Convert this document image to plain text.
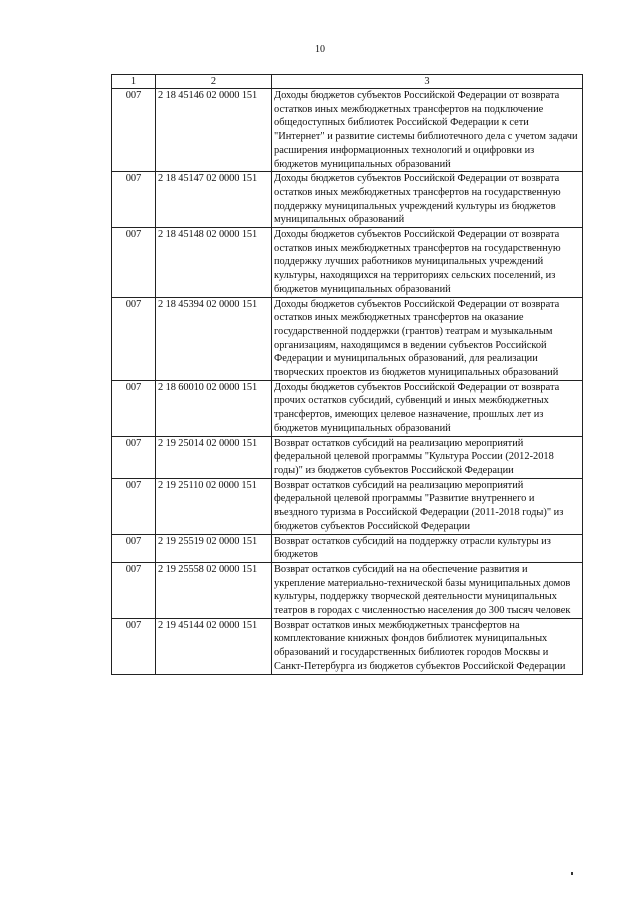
10
1	2	3
007	2 18 45146 02 0000 151	Доходы бюджетов субъектов Российской Федерации от возврата остатков иных межбюджетных трансфертов на подключение общедоступных библиотек Российской Федерации к сети "Интернет" и развитие системы библиотечного дела с учетом задачи расширения информационных технологий и оцифровки из бюджетов муниципальных образований
007	2 18 45147 02 0000 151	Доходы бюджетов субъектов Российской Федерации от возврата остатков иных межбюджетных трансфертов на государственную поддержку муниципальных учреждений культуры из бюджетов муниципальных образований
007	2 18 45148 02 0000 151	Доходы бюджетов субъектов Российской Федерации от возврата остатков иных межбюджетных трансфертов на государственную поддержку лучших работников муниципальных учреждений культуры, находящихся на территориях сельских поселений, из бюджетов муниципальных образований
007	2 18 45394 02 0000 151	Доходы бюджетов субъектов Российской Федерации от возврата остатков иных межбюджетных трансфертов на оказание государственной поддержки (грантов) театрам и музыкальным организациям, находящимся в ведении субъектов Российской Федерации и муниципальных образований, для реализации творческих проектов из бюджетов муниципальных образований
007	2 18 60010 02 0000 151	Доходы бюджетов субъектов Российской Федерации от возврата прочих остатков субсидий, субвенций и иных межбюджетных трансфертов, имеющих целевое назначение, прошлых лет из бюджетов муниципальных образований
007	2 19 25014 02 0000 151	Возврат остатков субсидий на реализацию мероприятий федеральной целевой программы "Культура России (2012-2018 годы)" из бюджетов субъектов Российской Федерации
007	2 19 25110 02 0000 151	Возврат остатков субсидий на реализацию мероприятий федеральной целевой программы "Развитие внутреннего и въездного туризма в Российской Федерации (2011-2018 годы)" из бюджетов субъектов Российской Федерации
007	2 19 25519 02 0000 151	Возврат остатков субсидий на поддержку отрасли культуры из бюджетов
007	2 19 25558 02 0000 151	Возврат остатков субсидий на на обеспечение развития и укрепление материально-технической базы муниципальных домов культуры, поддержку творческой деятельности муниципальных театров в городах с численностью населения до 300 тысяч человек
007	2 19 45144 02 0000 151	Возврат остатков иных межбюджетных трансфертов на комплектование книжных фондов библиотек муниципальных образований и государственных библиотек городов Москвы и Санкт-Петербурга из бюджетов субъектов Российской Федерации
